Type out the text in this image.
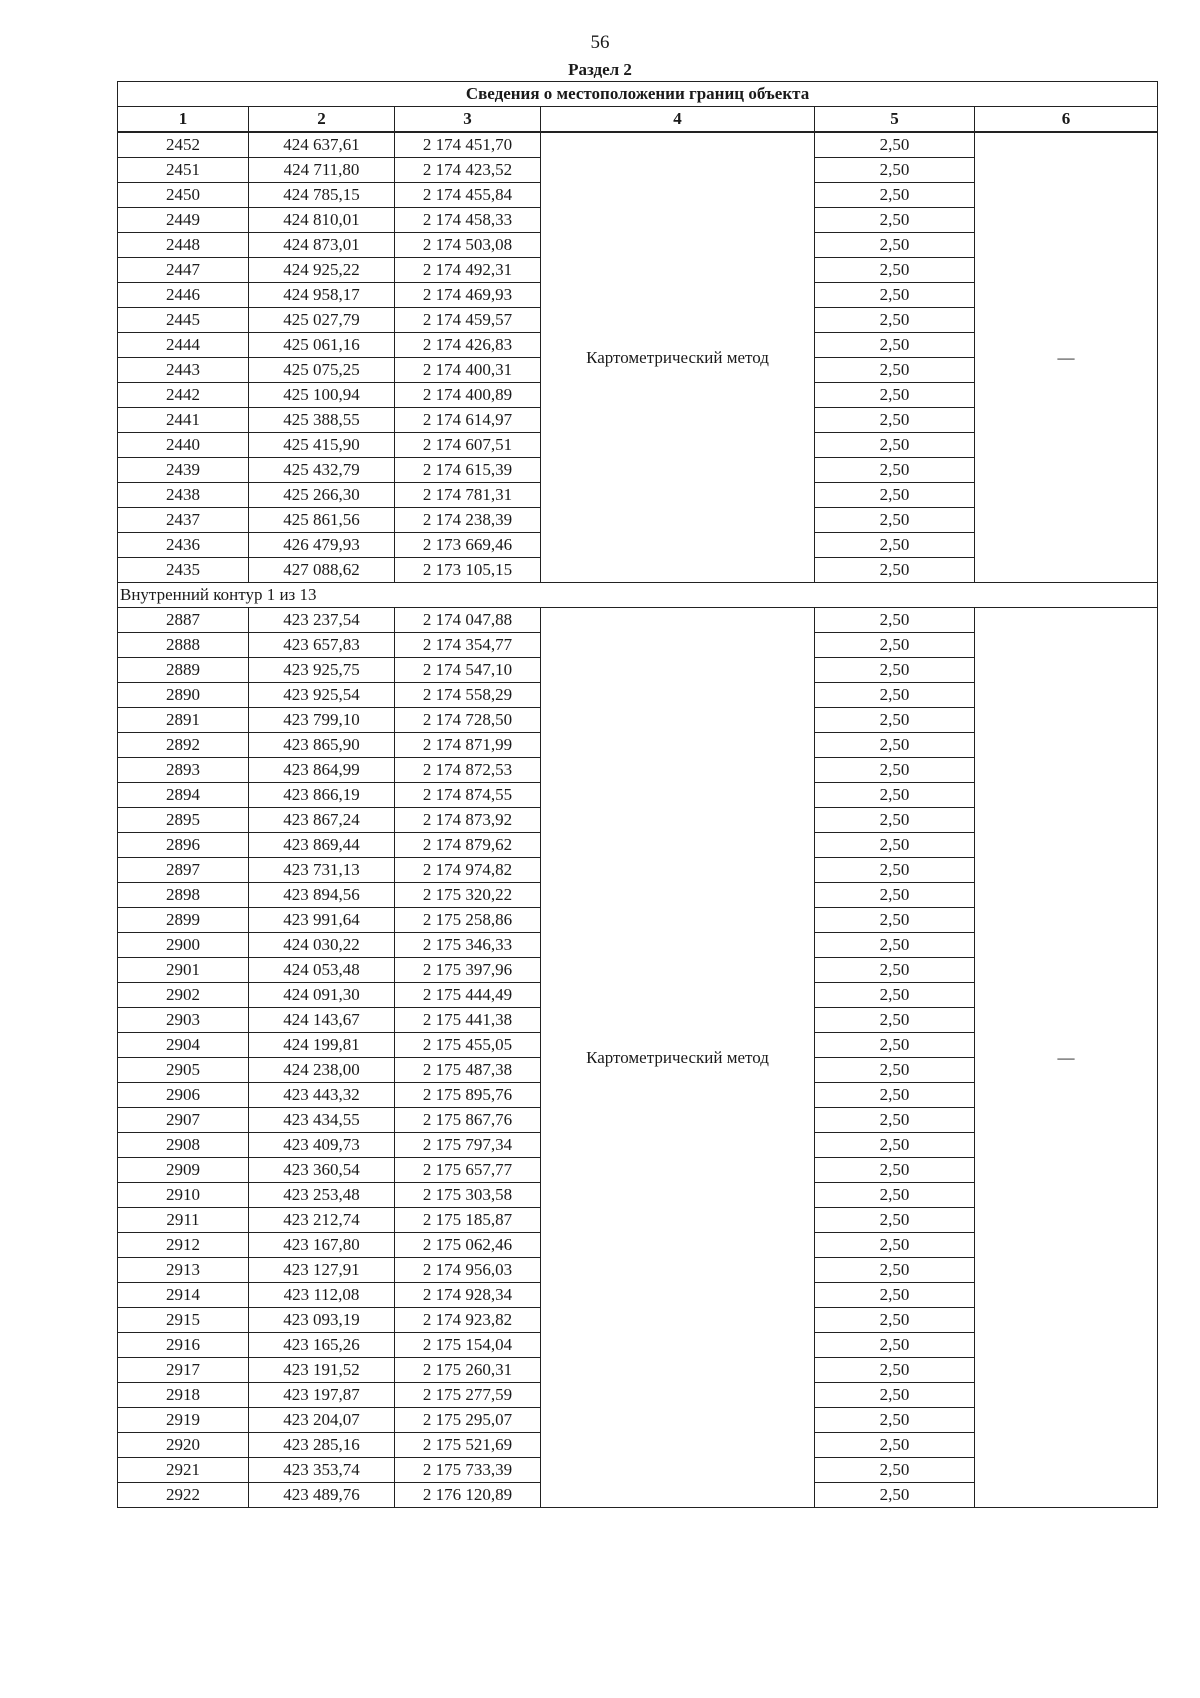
56
Раздел 2
Сведения о местоположении границ объекта					
1	2	3	4	5	6
2452	424 637,61	2 174 451,70	Картометрический метод	2,50	—
2451	424 711,80	2 174 423,52		2,50	
2450	424 785,15	2 174 455,84		2,50	
2449	424 810,01	2 174 458,33		2,50	
2448	424 873,01	2 174 503,08		2,50	
2447	424 925,22	2 174 492,31		2,50	
2446	424 958,17	2 174 469,93		2,50	
2445	425 027,79	2 174 459,57		2,50	
2444	425 061,16	2 174 426,83		2,50	
2443	425 075,25	2 174 400,31		2,50	
2442	425 100,94	2 174 400,89		2,50	
2441	425 388,55	2 174 614,97		2,50	
2440	425 415,90	2 174 607,51		2,50	
2439	425 432,79	2 174 615,39		2,50	
2438	425 266,30	2 174 781,31		2,50	
2437	425 861,56	2 174 238,39		2,50	
2436	426 479,93	2 173 669,46		2,50	
2435	427 088,62	2 173 105,15		2,50	
Внутренний контур 1 из 13					
2887	423 237,54	2 174 047,88	Картометрический метод	2,50	—
2888	423 657,83	2 174 354,77		2,50	
2889	423 925,75	2 174 547,10		2,50	
2890	423 925,54	2 174 558,29		2,50	
2891	423 799,10	2 174 728,50		2,50	
2892	423 865,90	2 174 871,99		2,50	
2893	423 864,99	2 174 872,53		2,50	
2894	423 866,19	2 174 874,55		2,50	
2895	423 867,24	2 174 873,92		2,50	
2896	423 869,44	2 174 879,62		2,50	
2897	423 731,13	2 174 974,82		2,50	
2898	423 894,56	2 175 320,22		2,50	
2899	423 991,64	2 175 258,86		2,50	
2900	424 030,22	2 175 346,33		2,50	
2901	424 053,48	2 175 397,96		2,50	
2902	424 091,30	2 175 444,49		2,50	
2903	424 143,67	2 175 441,38		2,50	
2904	424 199,81	2 175 455,05		2,50	
2905	424 238,00	2 175 487,38		2,50	
2906	423 443,32	2 175 895,76		2,50	
2907	423 434,55	2 175 867,76		2,50	
2908	423 409,73	2 175 797,34		2,50	
2909	423 360,54	2 175 657,77		2,50	
2910	423 253,48	2 175 303,58		2,50	
2911	423 212,74	2 175 185,87		2,50	
2912	423 167,80	2 175 062,46		2,50	
2913	423 127,91	2 174 956,03		2,50	
2914	423 112,08	2 174 928,34		2,50	
2915	423 093,19	2 174 923,82		2,50	
2916	423 165,26	2 175 154,04		2,50	
2917	423 191,52	2 175 260,31		2,50	
2918	423 197,87	2 175 277,59		2,50	
2919	423 204,07	2 175 295,07		2,50	
2920	423 285,16	2 175 521,69		2,50	
2921	423 353,74	2 175 733,39		2,50	
2922	423 489,76	2 176 120,89		2,50	
